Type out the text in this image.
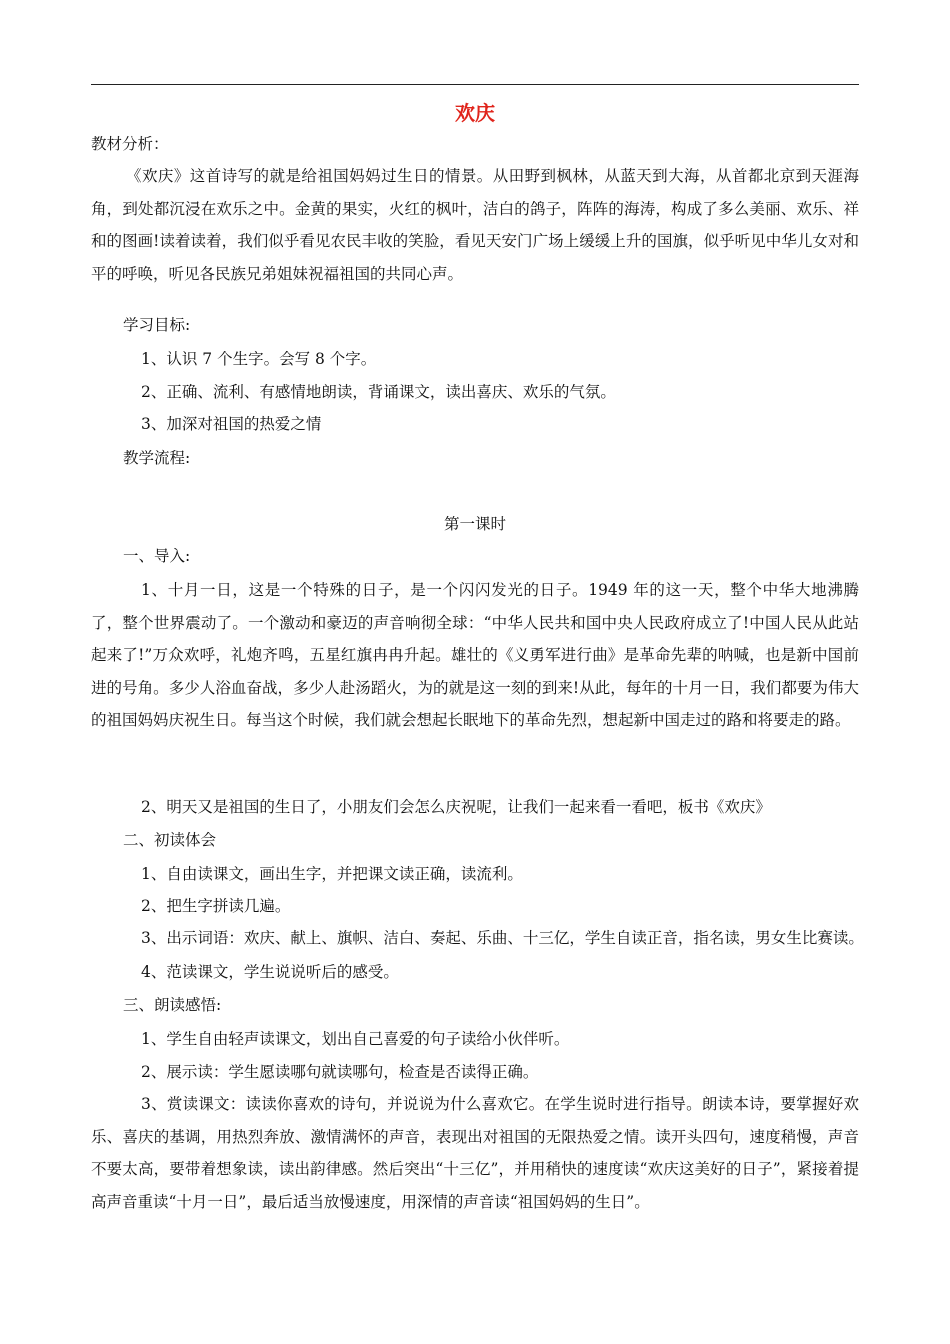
欢庆
教材分析：
《欢庆》这首诗写的就是给祖国妈妈过生日的情景。从田野到枫林，从蓝天到大海，从首都北京到天涯海角，到处都沉浸在欢乐之中。金黄的果实，火红的枫叶，洁白的鸽子，阵阵的海涛，构成了多么美丽、欢乐、祥和的图画!读着读着，我们似乎看见农民丰收的笑脸，看见天安门广场上缓缓上升的国旗，似乎听见中华儿女对和平的呼唤，听见各民族兄弟姐妹祝福祖国的共同心声。
学习目标:
1、认识 7 个生字。会写 8 个字。
2、正确、流利、有感情地朗读，背诵课文，读出喜庆、欢乐的气氛。
3、加深对祖国的热爱之情
教学流程:
第一课时
一、导入:
1、十月一日，这是一个特殊的日子，是一个闪闪发光的日子。1949 年的这一天，整个中华大地沸腾了，整个世界震动了。一个激动和豪迈的声音响彻全球：“中华人民共和国中央人民政府成立了!中国人民从此站起来了!”万众欢呼，礼炮齐鸣，五星红旗冉冉升起。雄壮的《义勇军进行曲》是革命先辈的呐喊，也是新中国前进的号角。多少人浴血奋战，多少人赴汤蹈火，为的就是这一刻的到来!从此，每年的十月一日，我们都要为伟大的祖国妈妈庆祝生日。每当这个时候，我们就会想起长眠地下的革命先烈，想起新中国走过的路和将要走的路。
2、明天又是祖国的生日了，小朋友们会怎么庆祝呢，让我们一起来看一看吧，板书《欢庆》
二、初读体会
1、自由读课文，画出生字，并把课文读正确，读流利。
2、把生字拼读几遍。
3、出示词语：欢庆、献上、旗帜、洁白、奏起、乐曲、十三亿，学生自读正音，指名读，男女生比赛读。
4、范读课文，学生说说听后的感受。
三、朗读感悟:
1、学生自由轻声读课文，划出自己喜爱的句子读给小伙伴听。
2、展示读：学生愿读哪句就读哪句，检查是否读得正确。
3、赏读课文：读读你喜欢的诗句，并说说为什么喜欢它。在学生说时进行指导。朗读本诗，要掌握好欢乐、喜庆的基调，用热烈奔放、激情满怀的声音，表现出对祖国的无限热爱之情。读开头四句，速度稍慢，声音不要太高，要带着想象读，读出韵律感。然后突出“十三亿”，并用稍快的速度读“欢庆这美好的日子”，紧接着提高声音重读“十月一日”，最后适当放慢速度，用深情的声音读“祖国妈妈的生日”。
